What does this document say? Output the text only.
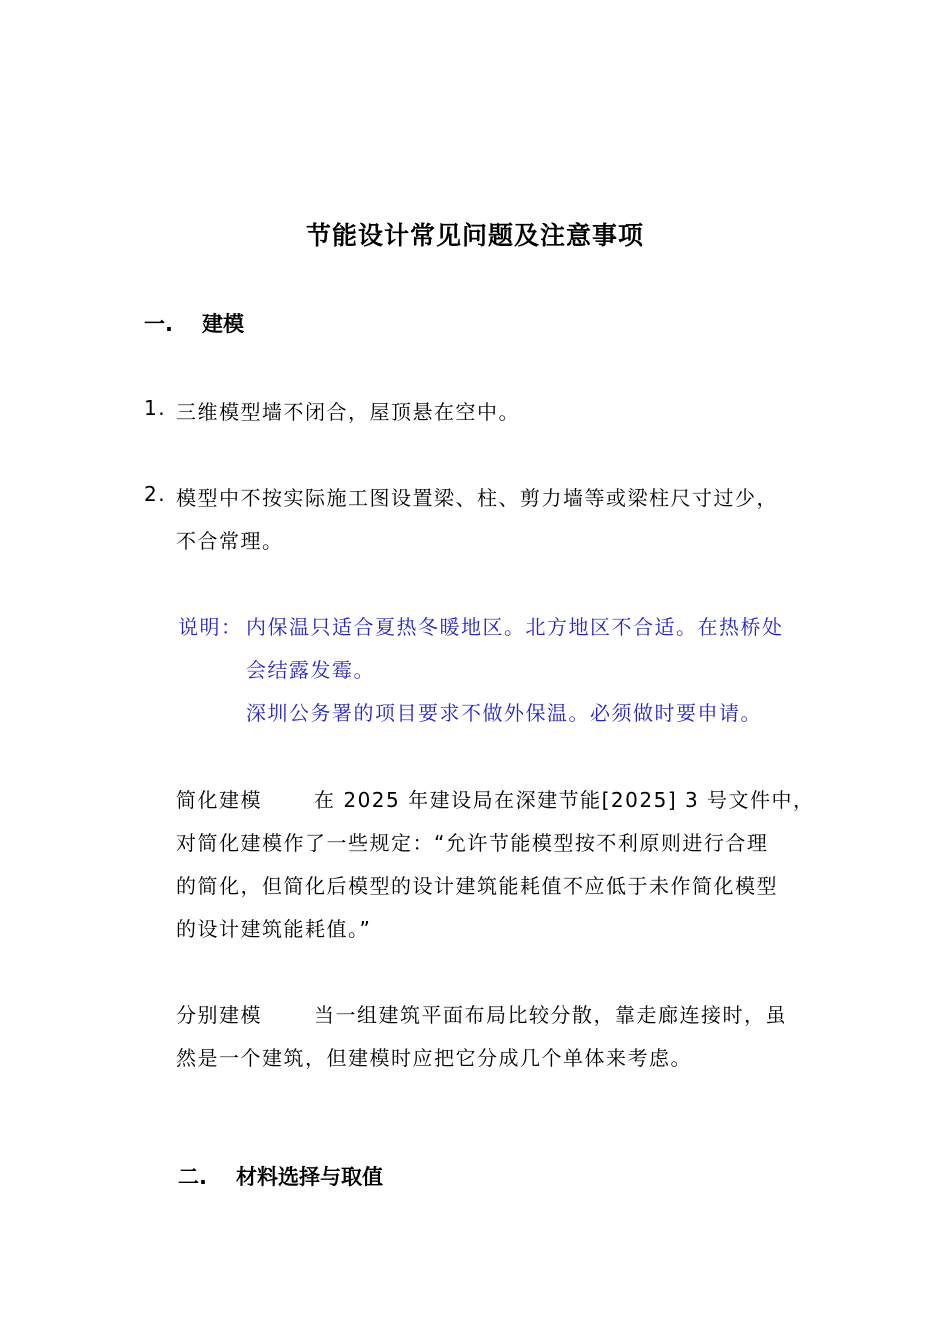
节能设计常见问题及注意事项
一. 建模
1. 三维模型墙不闭合，屋顶悬在空中。
2. 模型中不按实际施工图设置梁、柱、剪力墙等或梁柱尺寸过少，
不合常理。
说明： 内保温只适合夏热冬暖地区。北方地区不合适。在热桥处
会结露发霉。
深圳公务署的项目要求不做外保温。必须做时要申请。
简化建模	在 2025 年建设局在深建节能[2025] 3 号文件中，
对简化建模作了一些规定：“允许节能模型按不利原则进行合理
的简化，但简化后模型的设计建筑能耗值不应低于未作简化模型
的设计建筑能耗值。”
分别建模	当一组建筑平面布局比较分散，靠走廊连接时，虽
然是一个建筑，但建模时应把它分成几个单体来考虑。
二. 材料选择与取值
